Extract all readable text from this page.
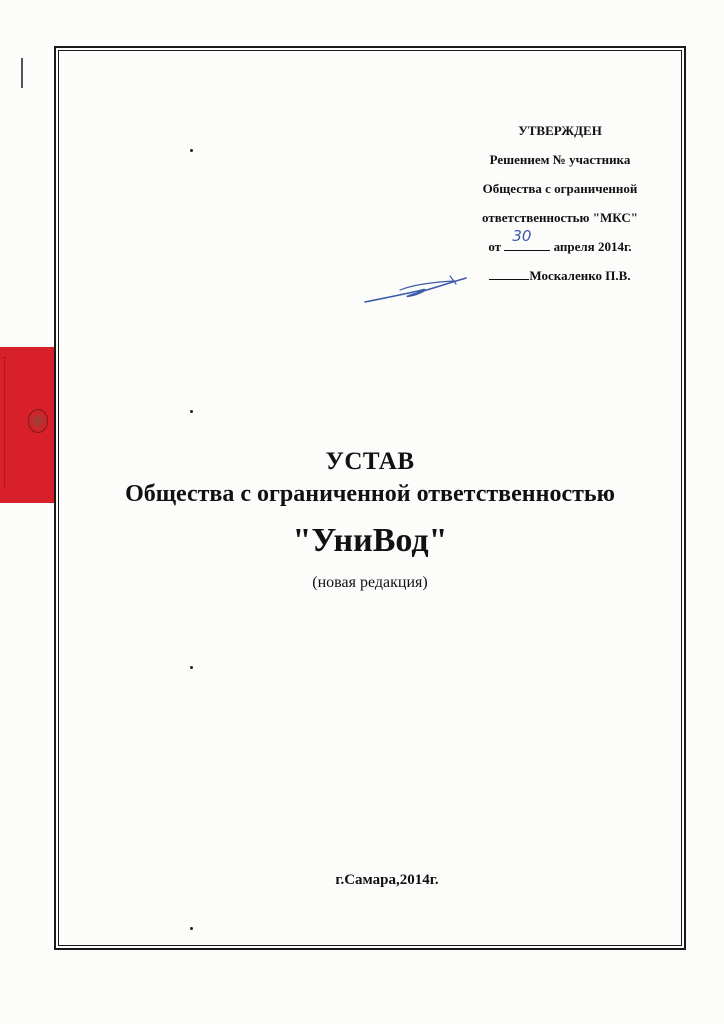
УТВЕРЖДЕН
Решением № участника
Общества с ограниченной
ответственностью "МКС"
от
30
апреля 2014г.
Москаленко П.В.
УСТАВ
Общества с ограниченной ответственностью
"УниВод"
(новая редакция)
г.Самара,2014г.
